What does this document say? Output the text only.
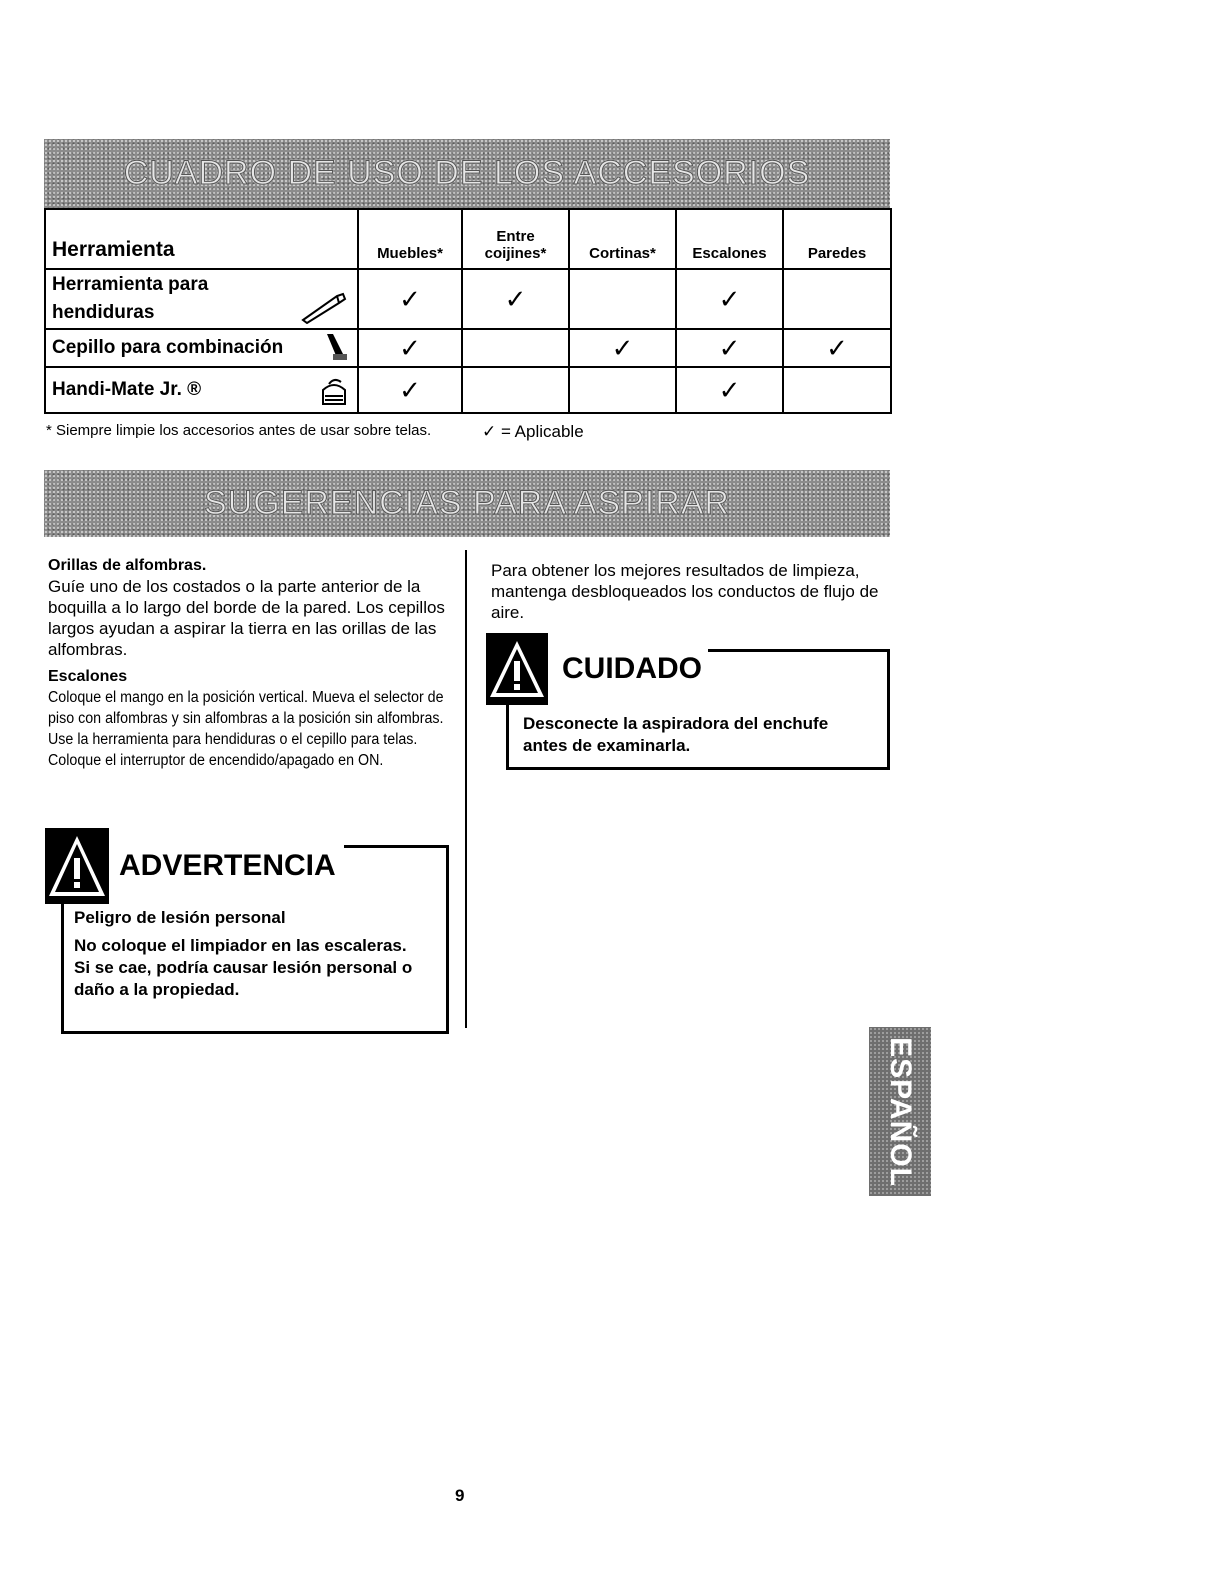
CUADRO DE USO DE LOS ACCESORIOS
Herramienta	Muebles*	Entre
coijines*	Cortinas*	Escalones	Paredes

Herramienta para
hendiduras	✓	✓		✓	

Cepillo para combinación	✓		✓	✓	✓

Handi-Mate Jr. ®	✓			✓	
* Siempre limpie los accesorios antes de usar sobre telas.	✓ = Aplicable
SUGERENCIAS PARA ASPIRAR
Orillas de alfombras.

Guíe uno de los costados o la parte anterior de la boquilla a lo largo del borde de la pared. Los cepillos largos ayudan a aspirar la tierra en las orillas de las alfombras.

Escalones

Coloque el mango en la posición vertical. Mueva el selector de piso con alfombras y sin alfombras a la posición sin alfombras. Use la herramienta para hendiduras o el cepillo para telas. Coloque el interruptor de encendido/apagado en ON.

Para obtener los mejores resultados de limpieza, mantenga desbloqueados los conductos de flujo de aire.

CUIDADO
Desconecte la aspiradora del enchufe antes de examinarla.
ADVERTENCIA
Peligro de lesión personal
No coloque el limpiador en las escaleras. Si se cae, podría causar lesión personal o daño a la propiedad.
ESPAÑOL
9
